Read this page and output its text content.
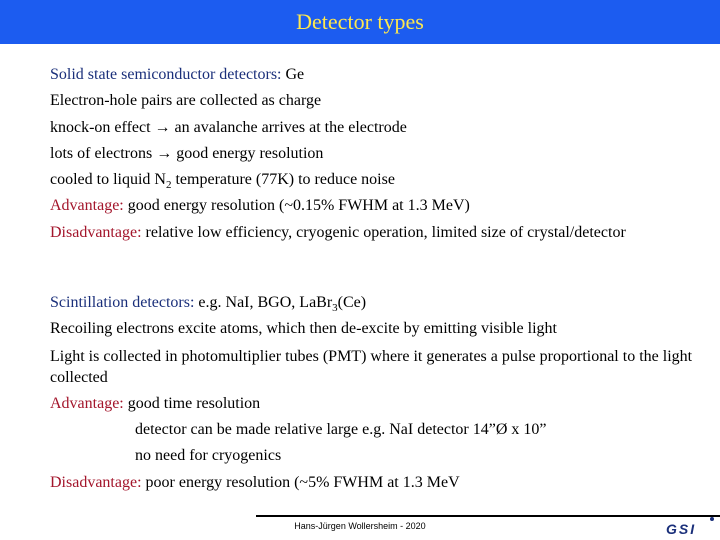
Detector types
Solid state semiconductor detectors: Ge
Electron-hole pairs are collected as charge
knock-on effect → an avalanche arrives at the electrode
lots of electrons → good energy resolution
cooled to liquid $N_2$ temperature (77K) to reduce noise
Advantage: good energy resolution (~0.15% FWHM at 1.3 MeV)
Disadvantage: relative low efficiency, cryogenic operation, limited size of crystal/detector
Scintillation detectors: e.g. NaI, BGO, LaBr$_3$(Ce)
Recoiling electrons excite atoms, which then de-excite by emitting visible light
Light is collected in photomultiplier tubes (PMT) where it generates a pulse proportional to the light collected
Advantage: good time resolution
detector can be made relative large e.g. NaI detector 14”Ø x 10”
no need for cryogenics
Disadvantage: poor energy resolution (~5% FWHM at 1.3 MeV
Hans-Jürgen Wollersheim - 2020	GSI
